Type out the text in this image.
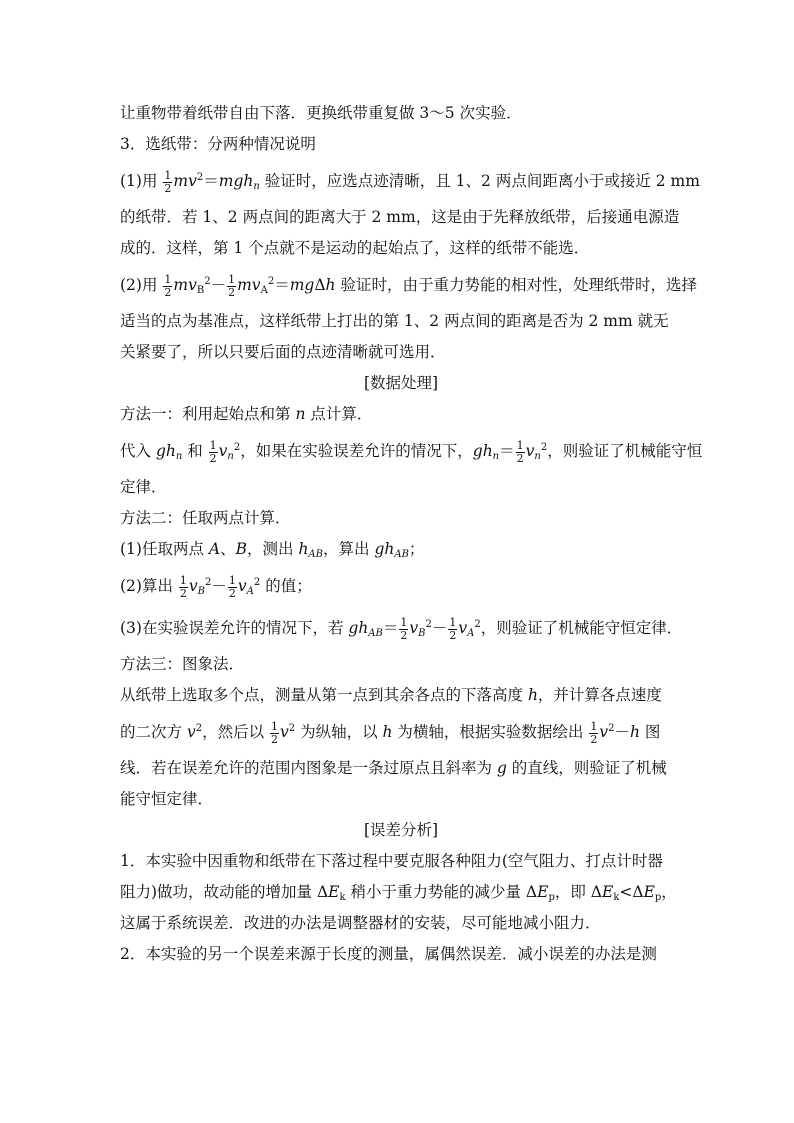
让重物带着纸带自由下落．更换纸带重复做 3～5 次实验．
3．选纸带：分两种情况说明
(1)用 $\frac{1}{2} mv^2=mgh_n$ 验证时，应选点迹清晰，且 1、2 两点间距离小于或接近 2 mm
的纸带．若 1、2 两点间的距离大于 2 mm，这是由于先释放纸带，后接通电源造
成的．这样，第 1 个点就不是运动的起始点了，这样的纸带不能选．
(2)用 $\frac{1}{2} mv_B^2- \frac{1}{2} mv_A^2=mg\Delta h$ 验证时，由于重力势能的相对性，处理纸带时，选择
适当的点为基准点，这样纸带上打出的第 1、2 两点间的距离是否为 2 mm 就无
关紧要了，所以只要后面的点迹清晰就可选用．
[数据处理]
方法一：利用起始点和第 n 点计算．
代入 $gh_n$ 和 $\frac{1}{2} v_n^2$，如果在实验误差允许的情况下，$gh_n= \frac{1}{2} v_n^2$，则验证了机械能守恒
定律．
方法二：任取两点计算．
(1)任取两点 A、B，测出 $h_{AB}$，算出 $gh_{AB}$；
(2)算出 $\frac{1}{2} v_B^2- \frac{1}{2} v_A^2$ 的值；
(3)在实验误差允许的情况下，若 $gh_{AB}= \frac{1}{2} v_B^2- \frac{1}{2} v_A^2$，则验证了机械能守恒定律．
方法三：图象法．
从纸带上选取多个点，测量从第一点到其余各点的下落高度 h，并计算各点速度
的二次方 $v^2$，然后以 $\frac{1}{2} v^2$ 为纵轴，以 h 为横轴，根据实验数据绘出 $\frac{1}{2} v^2-h$ 图
线．若在误差允许的范围内图象是一条过原点且斜率为 g 的直线，则验证了机械
能守恒定律．
[误差分析]
1．本实验中因重物和纸带在下落过程中要克服各种阻力(空气阻力、打点计时器
阻力)做功，故动能的增加量 $\Delta E_k$ 稍小于重力势能的减少量 $\Delta E_p$，即 $\Delta E_k<\Delta E_p$，
这属于系统误差．改进的办法是调整器材的安装，尽可能地减小阻力．
2．本实验的另一个误差来源于长度的测量，属偶然误差．减小误差的办法是测
